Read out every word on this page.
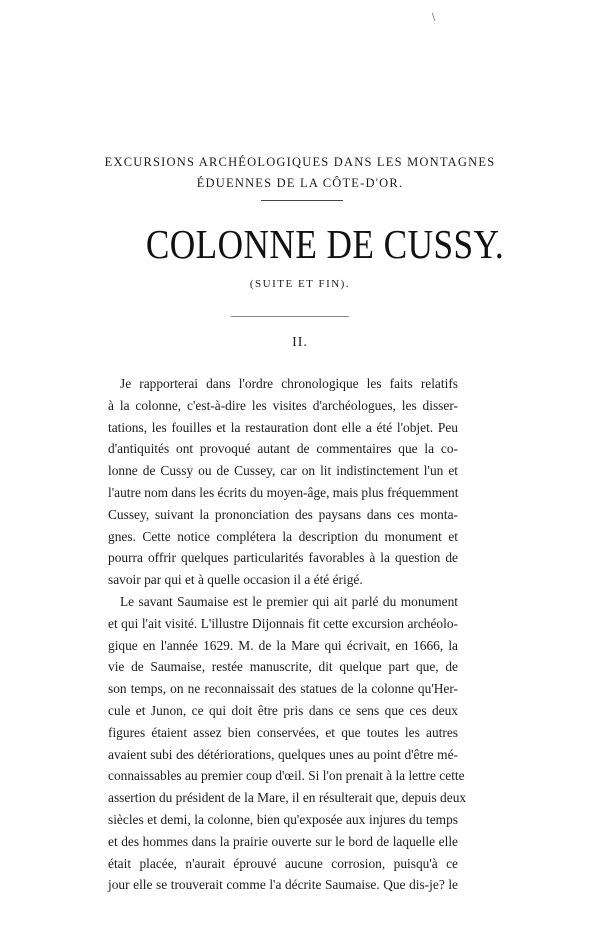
\
EXCURSIONS ARCHÉOLOGIQUES DANS LES MONTAGNES
ÉDUENNES DE LA CÔTE-D'OR.
COLONNE DE CUSSY.
(SUITE ET FIN).
II.
Je rapporterai dans l'ordre chronologique les faits relatifs
à la colonne, c'est-à-dire les visites d'archéologues, les disser-
tations, les fouilles et la restauration dont elle a été l'objet. Peu
d'antiquités ont provoqué autant de commentaires que la co-
lonne de Cussy ou de Cussey, car on lit indistinctement l'un et
l'autre nom dans les écrits du moyen-âge, mais plus fréquemment
Cussey, suivant la prononciation des paysans dans ces monta-
gnes. Cette notice complétera la description du monument et
pourra offrir quelques particularités favorables à la question de
savoir par qui et à quelle occasion il a été érigé.
Le savant Saumaise est le premier qui ait parlé du monument
et qui l'ait visité. L'illustre Dijonnais fit cette excursion archéolo-
gique en l'année 1629. M. de la Mare qui écrivait, en 1666, la
vie de Saumaise, restée manuscrite, dit quelque part que, de
son temps, on ne reconnaissait des statues de la colonne qu'Her-
cule et Junon, ce qui doit être pris dans ce sens que ces deux
figures étaient assez bien conservées, et que toutes les autres
avaient subi des détériorations, quelques unes au point d'être mé-
connaissables au premier coup d'œil. Si l'on prenait à la lettre cette
assertion du président de la Mare, il en résulterait que, depuis deux
siècles et demi, la colonne, bien qu'exposée aux injures du temps
et des hommes dans la prairie ouverte sur le bord de laquelle elle
était placée, n'aurait éprouvé aucune corrosion, puisqu'à ce
jour elle se trouverait comme l'a décrite Saumaise. Que dis-je? le
